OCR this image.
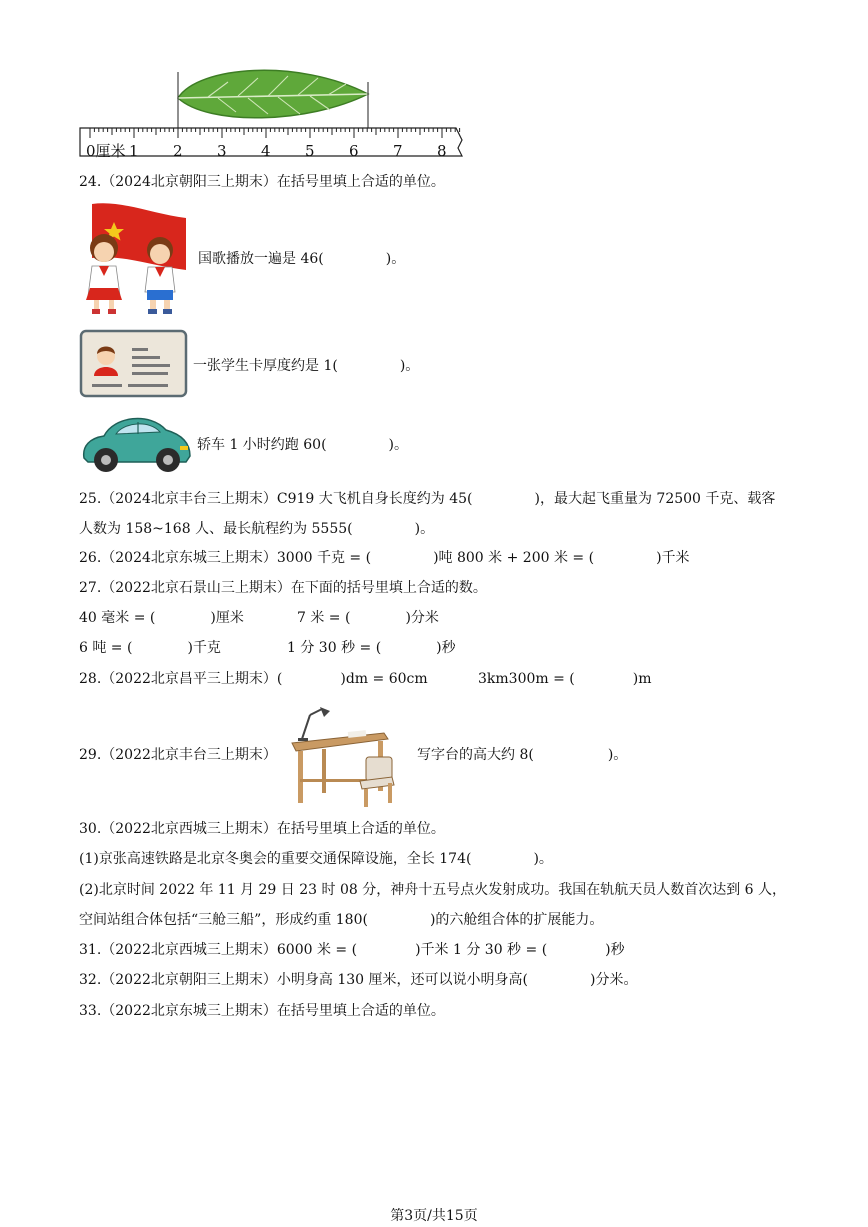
0厘米 1 2 3 4 5 6 7 8
24.（2024北京朝阳三上期末）在括号里填上合适的单位。
国歌播放一遍是 46(	)。
一张学生卡厚度约是 1(	)。
轿车 1 小时约跑 60(	)。
25.（2024北京丰台三上期末）C919 大飞机自身长度约为 45(	)，最大起飞重量为 72500 千克、载客
人数为 158~168 人、最长航程约为 5555(	)。
26.（2024北京东城三上期末）3000 千克 = (	)吨 800 米 + 200 米 = (	)千米
27.（2022北京石景山三上期末）在下面的括号里填上合适的数。
40 毫米 = (	)厘米	7 米 = (	)分米
6 吨 = (	)千克	1 分 30 秒 = (	)秒
28.（2022北京昌平三上期末）(	)dm = 60cm	3km300m = (	)m
29.（2022北京丰台三上期末）	写字台的高大约 8(	)。
30.（2022北京西城三上期末）在括号里填上合适的单位。
(1)京张高速铁路是北京冬奥会的重要交通保障设施，全长 174(	)。
(2)北京时间 2022 年 11 月 29 日 23 时 08 分，神舟十五号点火发射成功。我国在轨航天员人数首次达到 6 人，
空间站组合体包括“三舱三船”，形成约重 180(	)的六舱组合体的扩展能力。
31.（2022北京西城三上期末）6000 米 = (	)千米 1 分 30 秒 = (	)秒
32.（2022北京朝阳三上期末）小明身高 130 厘米，还可以说小明身高(	)分米。
33.（2022北京东城三上期末）在括号里填上合适的单位。
第3页/共15页
